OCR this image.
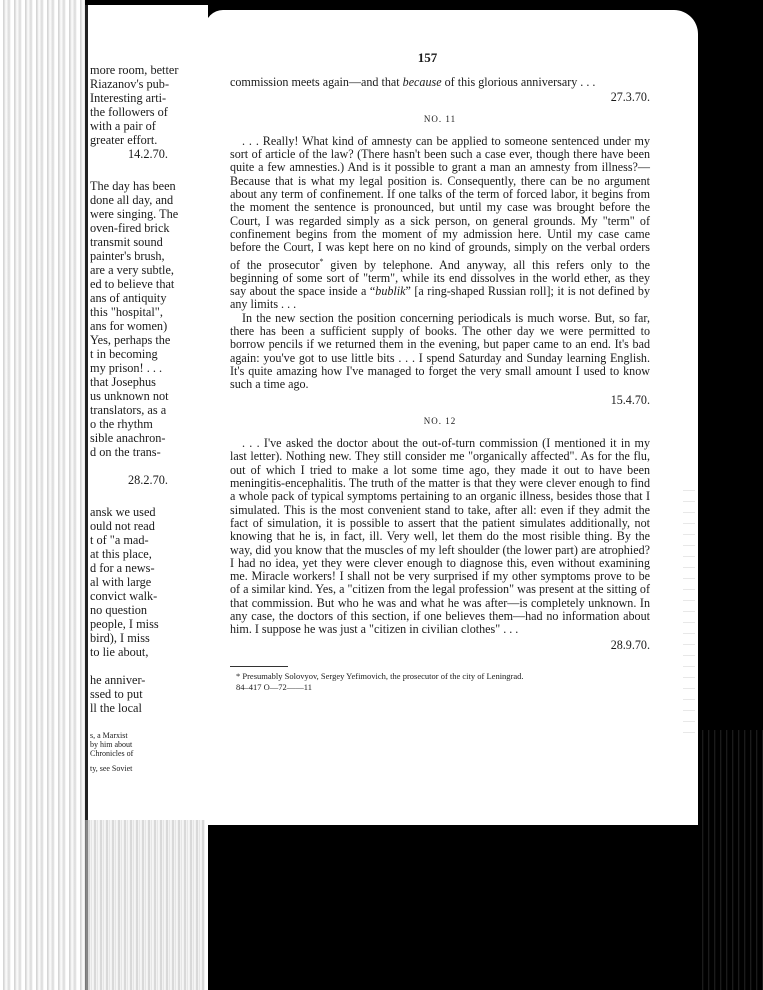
more room, better
Riazanov's pub-
Interesting arti-
the followers of
with a pair of
greater effort.
14.2.70.
The day has been
done all day, and
were singing. The
oven-fired brick
transmit sound
painter's brush,
are a very subtle,
ed to believe that
ans of antiquity
this "hospital",
ans for women)
Yes, perhaps the
t in becoming
my prison! . . .
that Josephus
us unknown not
translators, as a
o the rhythm
sible anachron-
d on the trans-
28.2.70.
ansk we used
ould not read
t of "a mad-
at this place,
d for a news-
al with large
convict walk-
no question
people, I miss
bird), I miss
to lie about,
he anniver-
ssed to put
ll the local
s, a Marxist
by him about
Chronicles of
ty, see Soviet
157

commission meets again—and that because of this glorious anniversary . . .

27.3.70.
NO. 11

. . . Really! What kind of amnesty can be applied to someone sentenced under my sort of article of the law? (There hasn't been such a case ever, though there have been quite a few amnesties.) And is it possible to grant a man an amnesty from illness?—Because that is what my legal position is. Consequently, there can be no argument about any term of confinement. If one talks of the term of forced labor, it begins from the moment the sentence is pronounced, but until my case was brought before the Court, I was regarded simply as a sick person, on general grounds. My "term" of confinement begins from the moment of my admission here. Until my case came before the Court, I was kept here on no kind of grounds, simply on the verbal orders of the prosecutor* given by telephone. And anyway, all this refers only to the beginning of some sort of "term", while its end dissolves in the world ether, as they say about the space inside a “bublik” [a ring-shaped Russian roll]; it is not defined by any limits . . .

In the new section the position concerning periodicals is much worse. But, so far, there has been a sufficient supply of books. The other day we were permitted to borrow pencils if we returned them in the evening, but paper came to an end. It's bad again: you've got to use little bits . . . I spend Saturday and Sunday learning English. It's quite amazing how I've managed to forget the very small amount I used to know such a time ago.

15.4.70.
NO. 12

. . . I've asked the doctor about the out-of-turn commission (I mentioned it in my last letter). Nothing new. They still consider me "organically affected". As for the flu, out of which I tried to make a lot some time ago, they made it out to have been meningitis-encephalitis. The truth of the matter is that they were clever enough to find a whole pack of typical symptoms pertaining to an organic illness, besides those that I simulated. This is the most convenient stand to take, after all: even if they admit the fact of simulation, it is possible to assert that the patient simulates additionally, not knowing that he is, in fact, ill. Very well, let them do the most risible thing. By the way, did you know that the muscles of my left shoulder (the lower part) are atrophied? I had no idea, yet they were clever enough to diagnose this, even without examining me. Miracle workers! I shall not be very surprised if my other symptoms prove to be of a similar kind. Yes, a "citizen from the legal profession" was present at the sitting of that commission. But who he was and what he was after—is completely unknown. In any case, the doctors of this section, if one believes them—had no information about him. I suppose he was just a "citizen in civilian clothes" . . .

28.9.70.
* Presumably Solovyov, Sergey Yefimovich, the prosecutor of the city of Leningrad.
84–417 O—72——11
